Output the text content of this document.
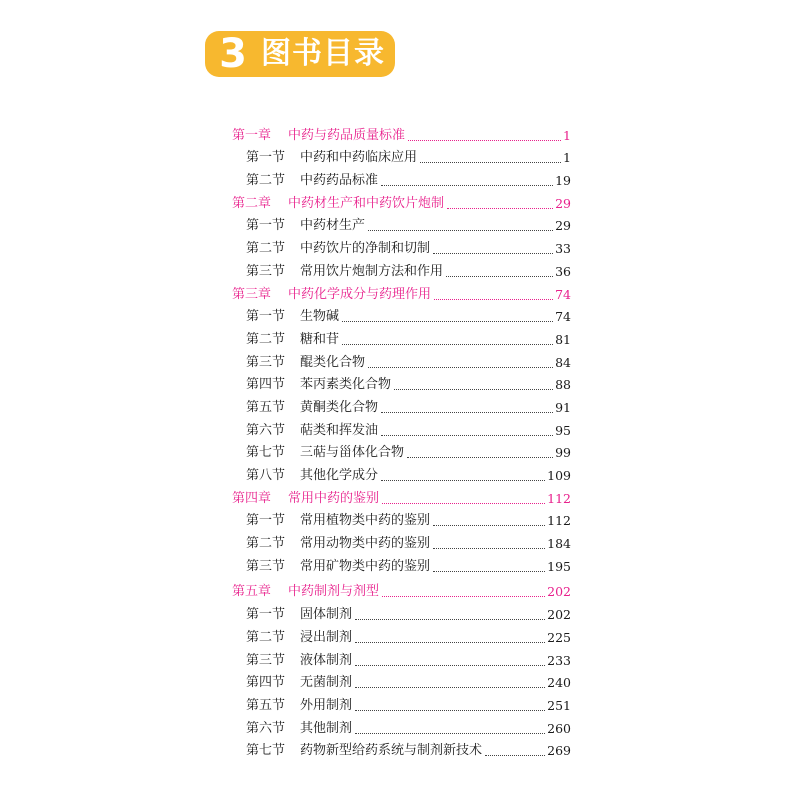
3 图书目录
第一章	中药与药品质量标准	1
第一节	中药和中药临床应用	1
第二节	中药药品标准	19
第二章	中药材生产和中药饮片炮制	29
第一节	中药材生产	29
第二节	中药饮片的净制和切制	33
第三节	常用饮片炮制方法和作用	36
第三章	中药化学成分与药理作用	74
第一节	生物碱	74
第二节	糖和苷	81
第三节	醌类化合物	84
第四节	苯丙素类化合物	88
第五节	黄酮类化合物	91
第六节	萜类和挥发油	95
第七节	三萜与甾体化合物	99
第八节	其他化学成分	109
第四章	常用中药的鉴别	112
第一节	常用植物类中药的鉴别	112
第二节	常用动物类中药的鉴别	184
第三节	常用矿物类中药的鉴别	195
第五章	中药制剂与剂型	202
第一节	固体制剂	202
第二节	浸出制剂	225
第三节	液体制剂	233
第四节	无菌制剂	240
第五节	外用制剂	251
第六节	其他制剂	260
第七节	药物新型给药系统与制剂新技术	269
